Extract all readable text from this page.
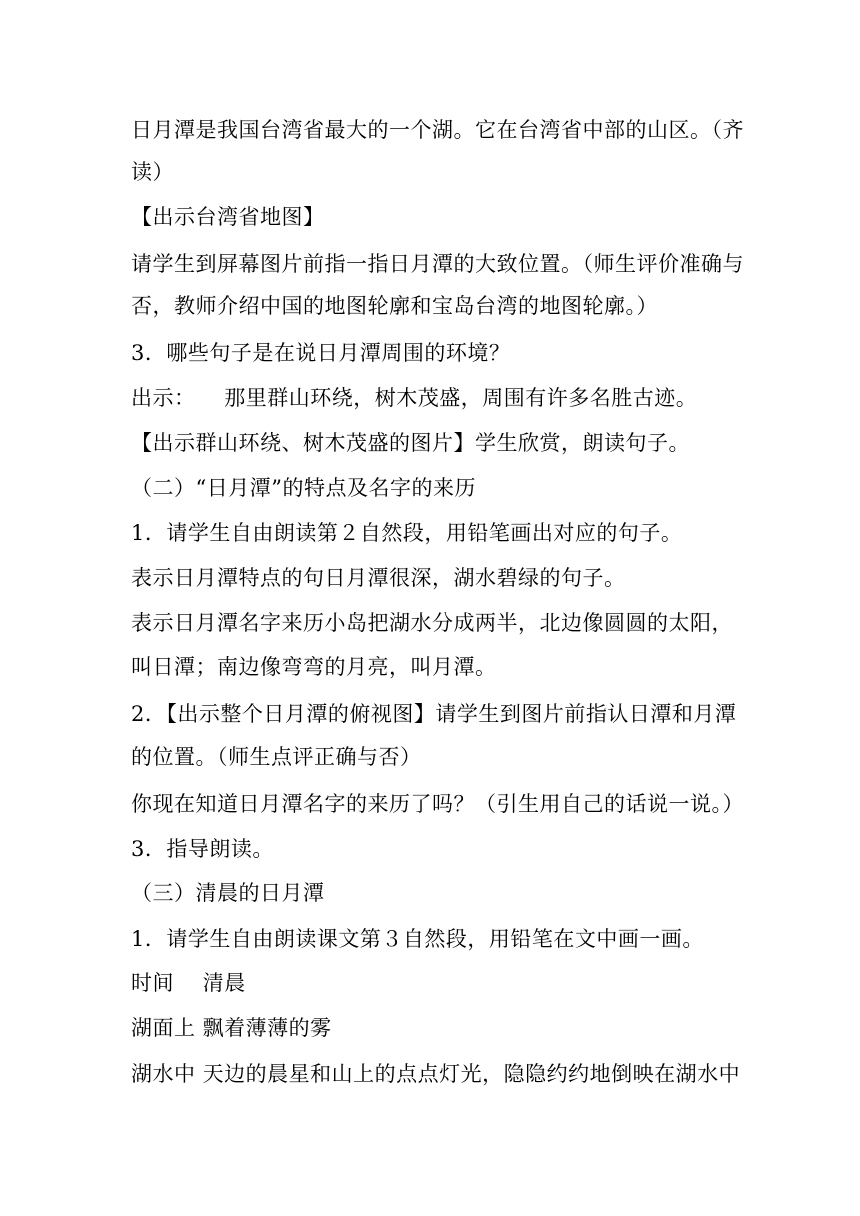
日月潭是我国台湾省最大的一个湖。它在台湾省中部的山区。（齐
读）
【出示台湾省地图】
请学生到屏幕图片前指一指日月潭的大致位置。（师生评价准确与
否，教师介绍中国的地图轮廓和宝岛台湾的地图轮廓。）
3．哪些句子是在说日月潭周围的环境？
出示：    那里群山环绕，树木茂盛，周围有许多名胜古迹。
【出示群山环绕、树木茂盛的图片】学生欣赏，朗读句子。
（二）“日月潭”的特点及名字的来历
1．请学生自由朗读第２自然段，用铅笔画出对应的句子。
表示日月潭特点的句日月潭很深，湖水碧绿的句子。
表示日月潭名字来历小岛把湖水分成两半，北边像圆圆的太阳，
叫日潭；南边像弯弯的月亮，叫月潭。
2．【出示整个日月潭的俯视图】请学生到图片前指认日潭和月潭
的位置。（师生点评正确与否）
你现在知道日月潭名字的来历了吗？（引生用自己的话说一说。）
3．指导朗读。
（三）清晨的日月潭
1．请学生自由朗读课文第３自然段，用铅笔在文中画一画。
时间    清晨
湖面上 飘着薄薄的雾
湖水中 天边的晨星和山上的点点灯光，隐隐约约地倒映在湖水中
